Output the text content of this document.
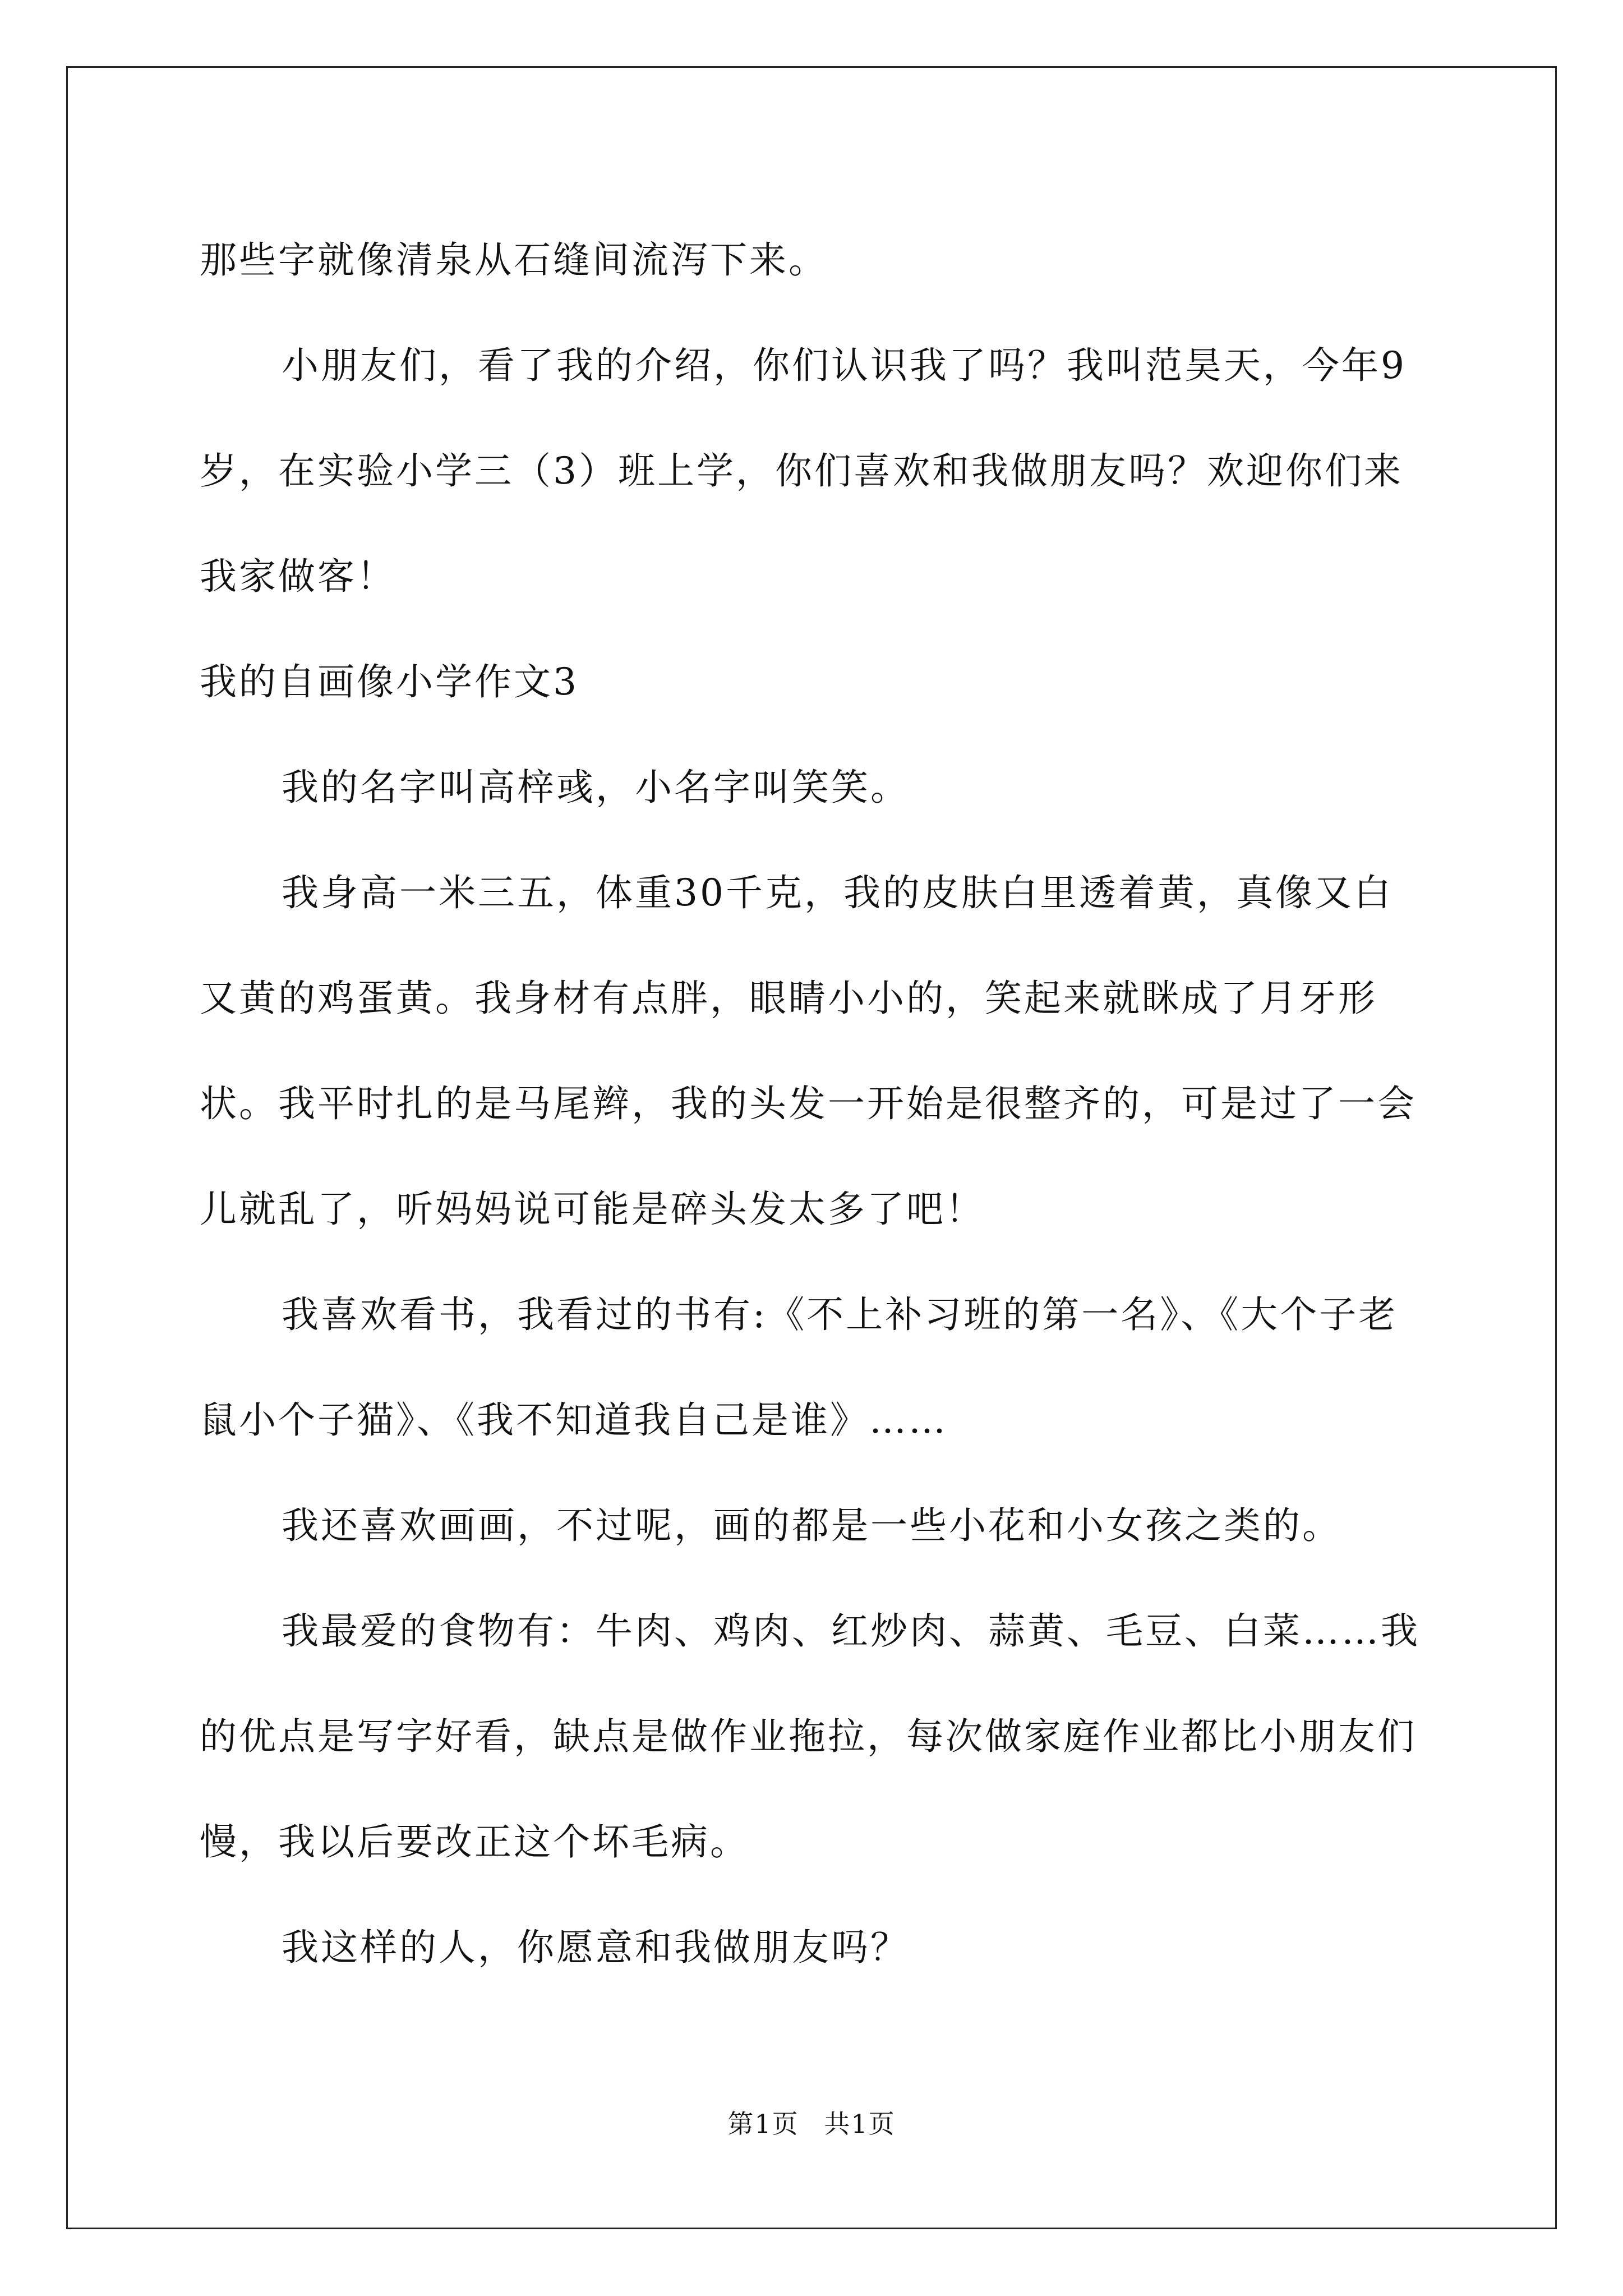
那些字就像清泉从石缝间流泻下来。

小朋友们，看了我的介绍，你们认识我了吗？我叫范昊天，今年9岁，在实验小学三（3）班上学，你们喜欢和我做朋友吗？欢迎你们来我家做客！

我的自画像小学作文3

我的名字叫高梓彧，小名字叫笑笑。

我身高一米三五，体重30千克，我的皮肤白里透着黄，真像又白又黄的鸡蛋黄。我身材有点胖，眼睛小小的，笑起来就眯成了月牙形状。我平时扎的是马尾辫，我的头发一开始是很整齐的，可是过了一会儿就乱了，听妈妈说可能是碎头发太多了吧！

我喜欢看书，我看过的书有:《不上补习班的第一名》、《大个子老鼠小个子猫》、《我不知道我自己是谁》……

我还喜欢画画，不过呢，画的都是一些小花和小女孩之类的。

我最爱的食物有：牛肉、鸡肉、红炒肉、蒜黄、毛豆、白菜……我的优点是写字好看，缺点是做作业拖拉，每次做家庭作业都比小朋友们慢，我以后要改正这个坏毛病。

我这样的人，你愿意和我做朋友吗？

第1页 共1页
